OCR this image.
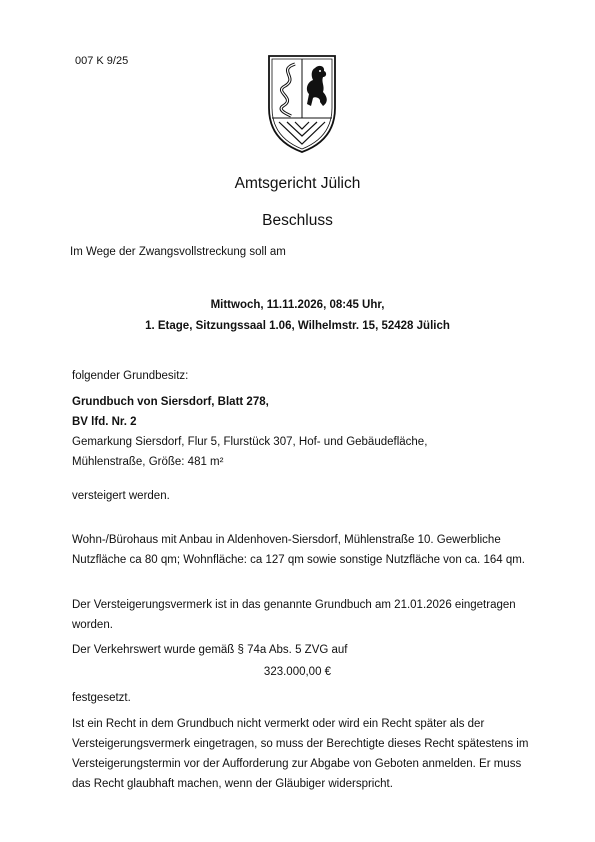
007 K 9/25
Amtsgericht Jülich
Beschluss
Im Wege der Zwangsvollstreckung soll am
Mittwoch, 11.11.2026, 08:45 Uhr,
1. Etage, Sitzungssaal 1.06, Wilhelmstr. 15, 52428 Jülich

folgender Grundbesitz:

Grundbuch von Siersdorf, Blatt 278,

BV lfd. Nr. 2

Gemarkung Siersdorf, Flur 5, Flurstück 307, Hof- und Gebäudefläche,

Mühlenstraße, Größe: 481 m²

versteigert werden.
Wohn-/Bürohaus mit Anbau in Aldenhoven-Siersdorf, Mühlenstraße 10. Gewerbliche Nutzfläche ca 80 qm; Wohnfläche: ca 127 qm sowie sonstige Nutzfläche von ca. 164 qm.
Der Versteigerungsvermerk ist in das genannte Grundbuch am 21.01.2026 eingetragen worden.
Der Verkehrswert wurde gemäß § 74a Abs. 5 ZVG auf
323.000,00 €
festgesetzt.
Ist ein Recht in dem Grundbuch nicht vermerkt oder wird ein Recht später als der Versteigerungsvermerk eingetragen, so muss der Berechtigte dieses Recht spätestens im Versteigerungstermin vor der Aufforderung zur Abgabe von Geboten anmelden. Er muss das Recht glaubhaft machen, wenn der Gläubiger widerspricht.
